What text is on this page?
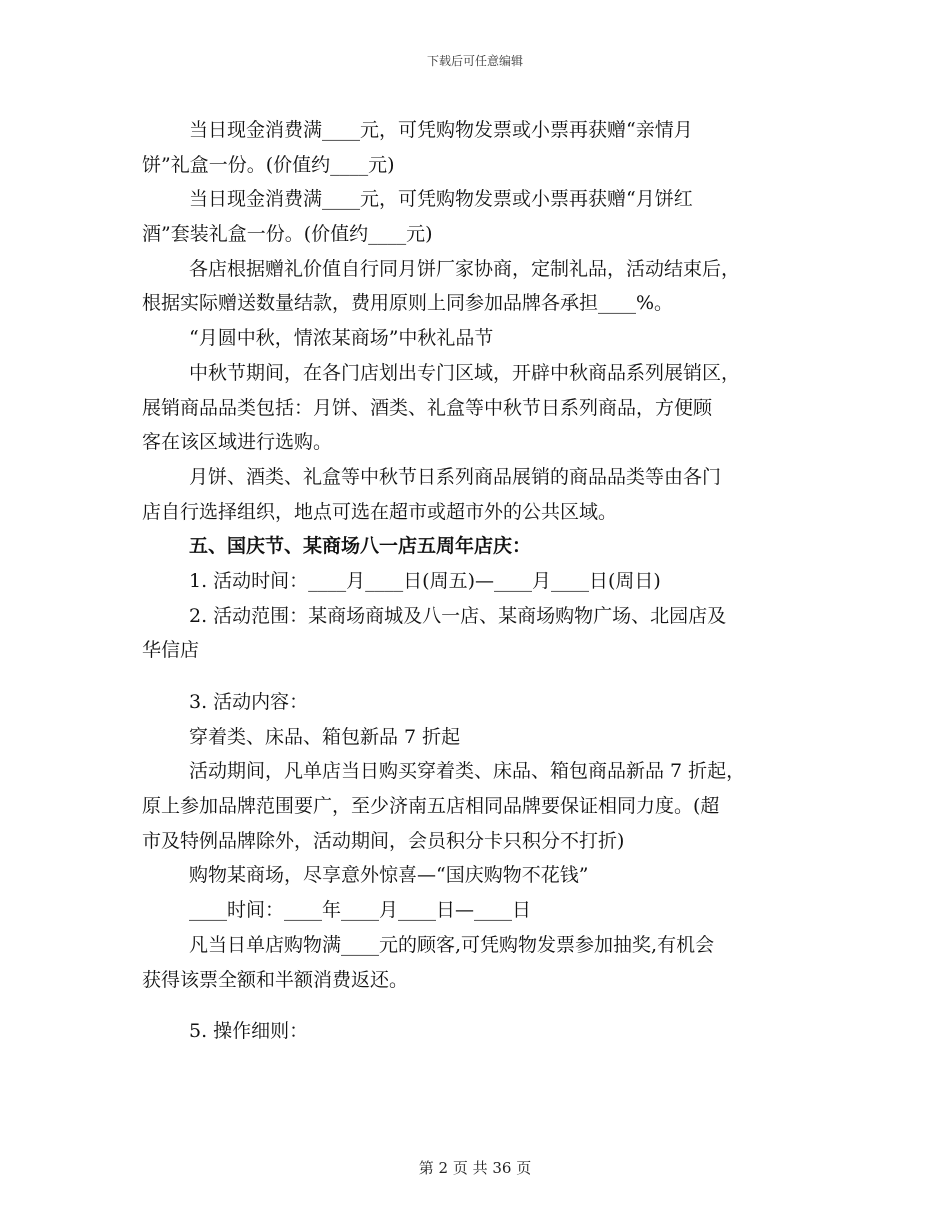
下载后可任意编辑
当日现金消费满____元，可凭购物发票或小票再获赠“亲情月
饼”礼盒一份。(价值约____元)
当日现金消费满____元，可凭购物发票或小票再获赠“月饼红
酒”套装礼盒一份。(价值约____元)
各店根据赠礼价值自行同月饼厂家协商，定制礼品，活动结束后，
根据实际赠送数量结款，费用原则上同参加品牌各承担____%。
“月圆中秋，情浓某商场”中秋礼品节
中秋节期间，在各门店划出专门区域，开辟中秋商品系列展销区，
展销商品品类包括：月饼、酒类、礼盒等中秋节日系列商品，方便顾
客在该区域进行选购。
月饼、酒类、礼盒等中秋节日系列商品展销的商品品类等由各门
店自行选择组织，地点可选在超市或超市外的公共区域。
五、国庆节、某商场八一店五周年店庆：
1. 活动时间：____月____日(周五)—____月____日(周日)
2. 活动范围：某商场商城及八一店、某商场购物广场、北园店及
华信店
3. 活动内容：
穿着类、床品、箱包新品 7 折起
活动期间，凡单店当日购买穿着类、床品、箱包商品新品 7 折起，
原上参加品牌范围要广，至少济南五店相同品牌要保证相同力度。(超
市及特例品牌除外，活动期间，会员积分卡只积分不打折)
购物某商场，尽享意外惊喜—“国庆购物不花钱”
____时间：____年____月____日—____日
凡当日单店购物满____元的顾客,可凭购物发票参加抽奖,有机会
获得该票全额和半额消费返还。
5. 操作细则：
第 2 页 共 36 页
